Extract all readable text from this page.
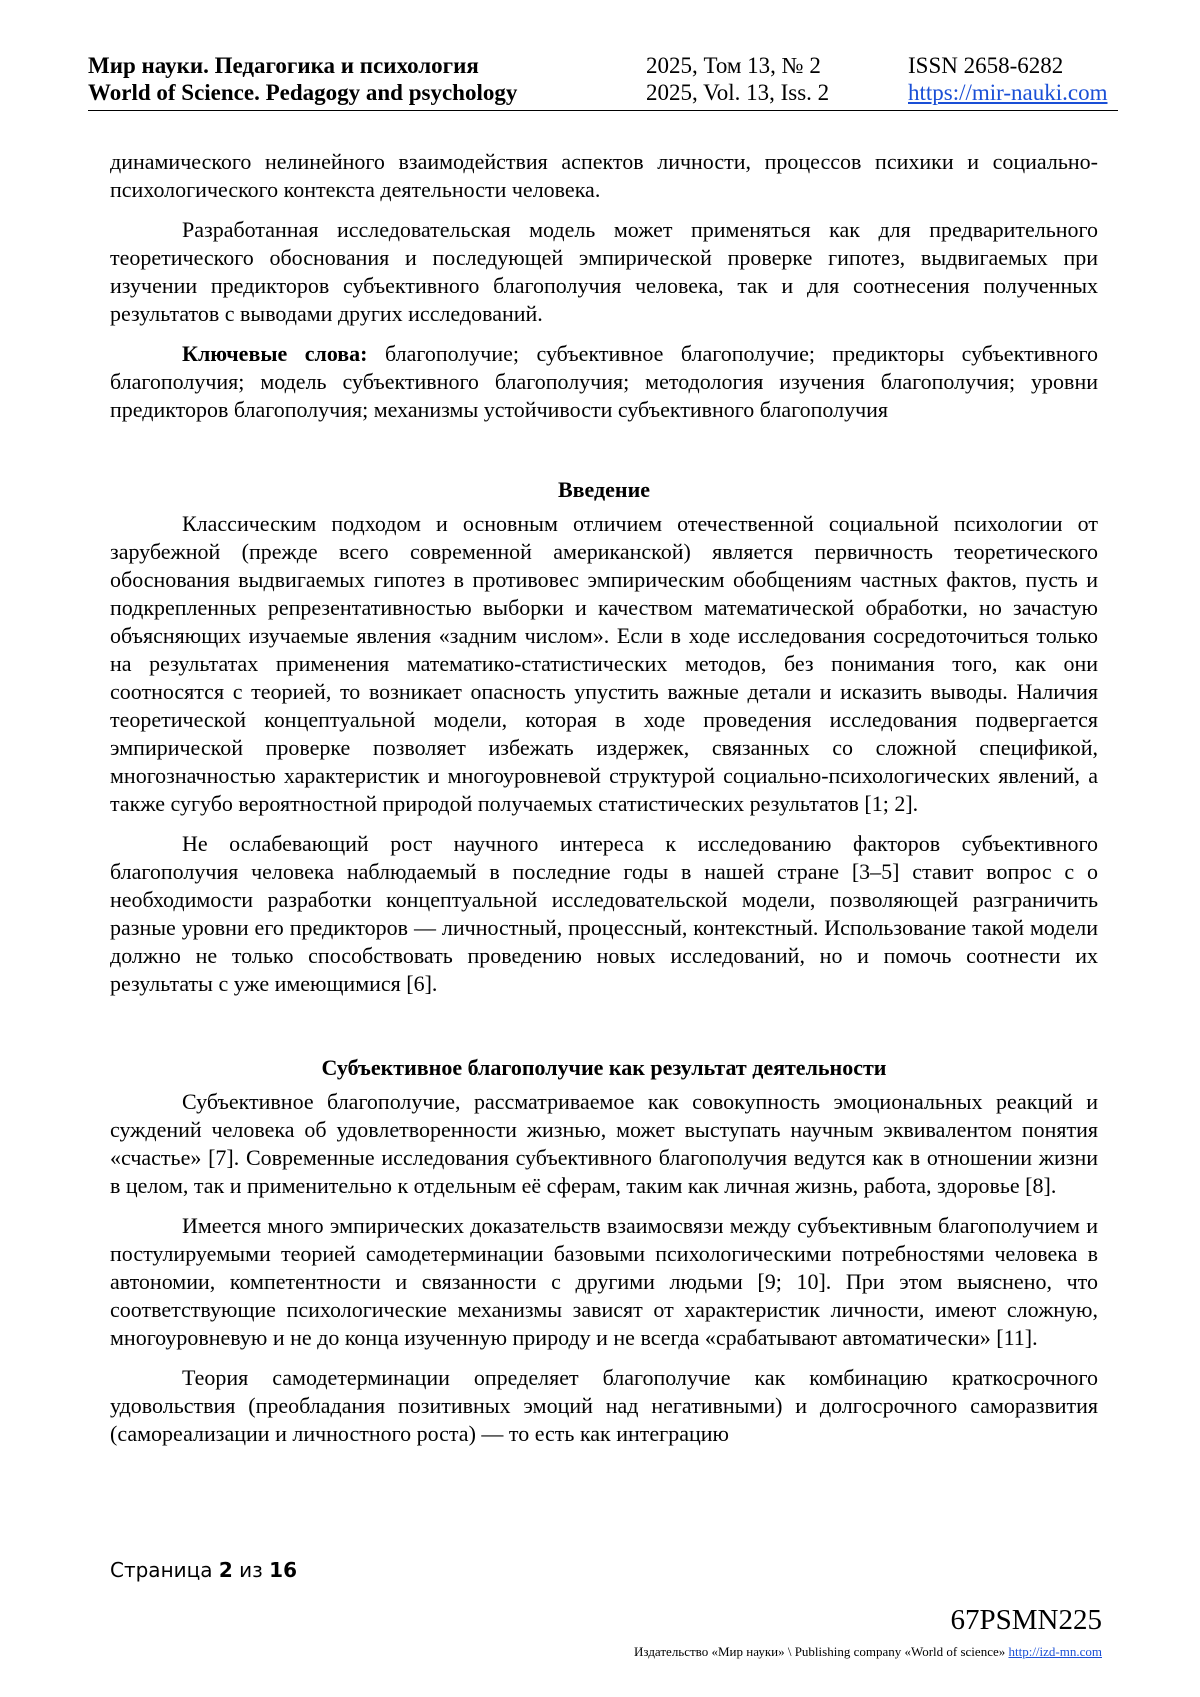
Мир науки. Педагогика и психология
World of Science. Pedagogy and psychology
2025, Том 13, № 2
2025, Vol. 13, Iss. 2
ISSN 2658-6282
https://mir-nauki.com

динамического нелинейного взаимодействия аспектов личности, процессов психики и социально-психологического контекста деятельности человека.

Разработанная исследовательская модель может применяться как для предварительного теоретического обоснования и последующей эмпирической проверке гипотез, выдвигаемых при изучении предикторов субъективного благополучия человека, так и для соотнесения полученных результатов с выводами других исследований.

Ключевые слова: благополучие; субъективное благополучие; предикторы субъективного благополучия; модель субъективного благополучия; методология изучения благополучия; уровни предикторов благополучия; механизмы устойчивости субъективного благополучия

Введение

Классическим подходом и основным отличием отечественной социальной психологии от зарубежной (прежде всего современной американской) является первичность теоретического обоснования выдвигаемых гипотез в противовес эмпирическим обобщениям частных фактов, пусть и подкрепленных репрезентативностью выборки и качеством математической обработки, но зачастую объясняющих изучаемые явления «задним числом». Если в ходе исследования сосредоточиться только на результатах применения математико-статистических методов, без понимания того, как они соотносятся с теорией, то возникает опасность упустить важные детали и исказить выводы. Наличия теоретической концептуальной модели, которая в ходе проведения исследования подвергается эмпирической проверке позволяет избежать издержек, связанных со сложной спецификой, многозначностью характеристик и многоуровневой структурой социально-психологических явлений, а также сугубо вероятностной природой получаемых статистических результатов [1; 2].

Не ослабевающий рост научного интереса к исследованию факторов субъективного благополучия человека наблюдаемый в последние годы в нашей стране [3–5] ставит вопрос с о необходимости разработки концептуальной исследовательской модели, позволяющей разграничить разные уровни его предикторов — личностный, процессный, контекстный. Использование такой модели должно не только способствовать проведению новых исследований, но и помочь соотнести их результаты с уже имеющимися [6].

Субъективное благополучие как результат деятельности

Субъективное благополучие, рассматриваемое как совокупность эмоциональных реакций и суждений человека об удовлетворенности жизнью, может выступать научным эквивалентом понятия «счастье» [7]. Современные исследования субъективного благополучия ведутся как в отношении жизни в целом, так и применительно к отдельным её сферам, таким как личная жизнь, работа, здоровье [8].

Имеется много эмпирических доказательств взаимосвязи между субъективным благополучием и постулируемыми теорией самодетерминации базовыми психологическими потребностями человека в автономии, компетентности и связанности с другими людьми [9; 10]. При этом выяснено, что соответствующие психологические механизмы зависят от характеристик личности, имеют сложную, многоуровневую и не до конца изученную природу и не всегда «срабатывают автоматически» [11].

Теория самодетерминации определяет благополучие как комбинацию краткосрочного удовольствия (преобладания позитивных эмоций над негативными) и долгосрочного саморазвития (самореализации и личностного роста) — то есть как интеграцию

Страница 2 из 16
67PSMN225
Издательство «Мир науки» \ Publishing company «World of science» http://izd-mn.com
